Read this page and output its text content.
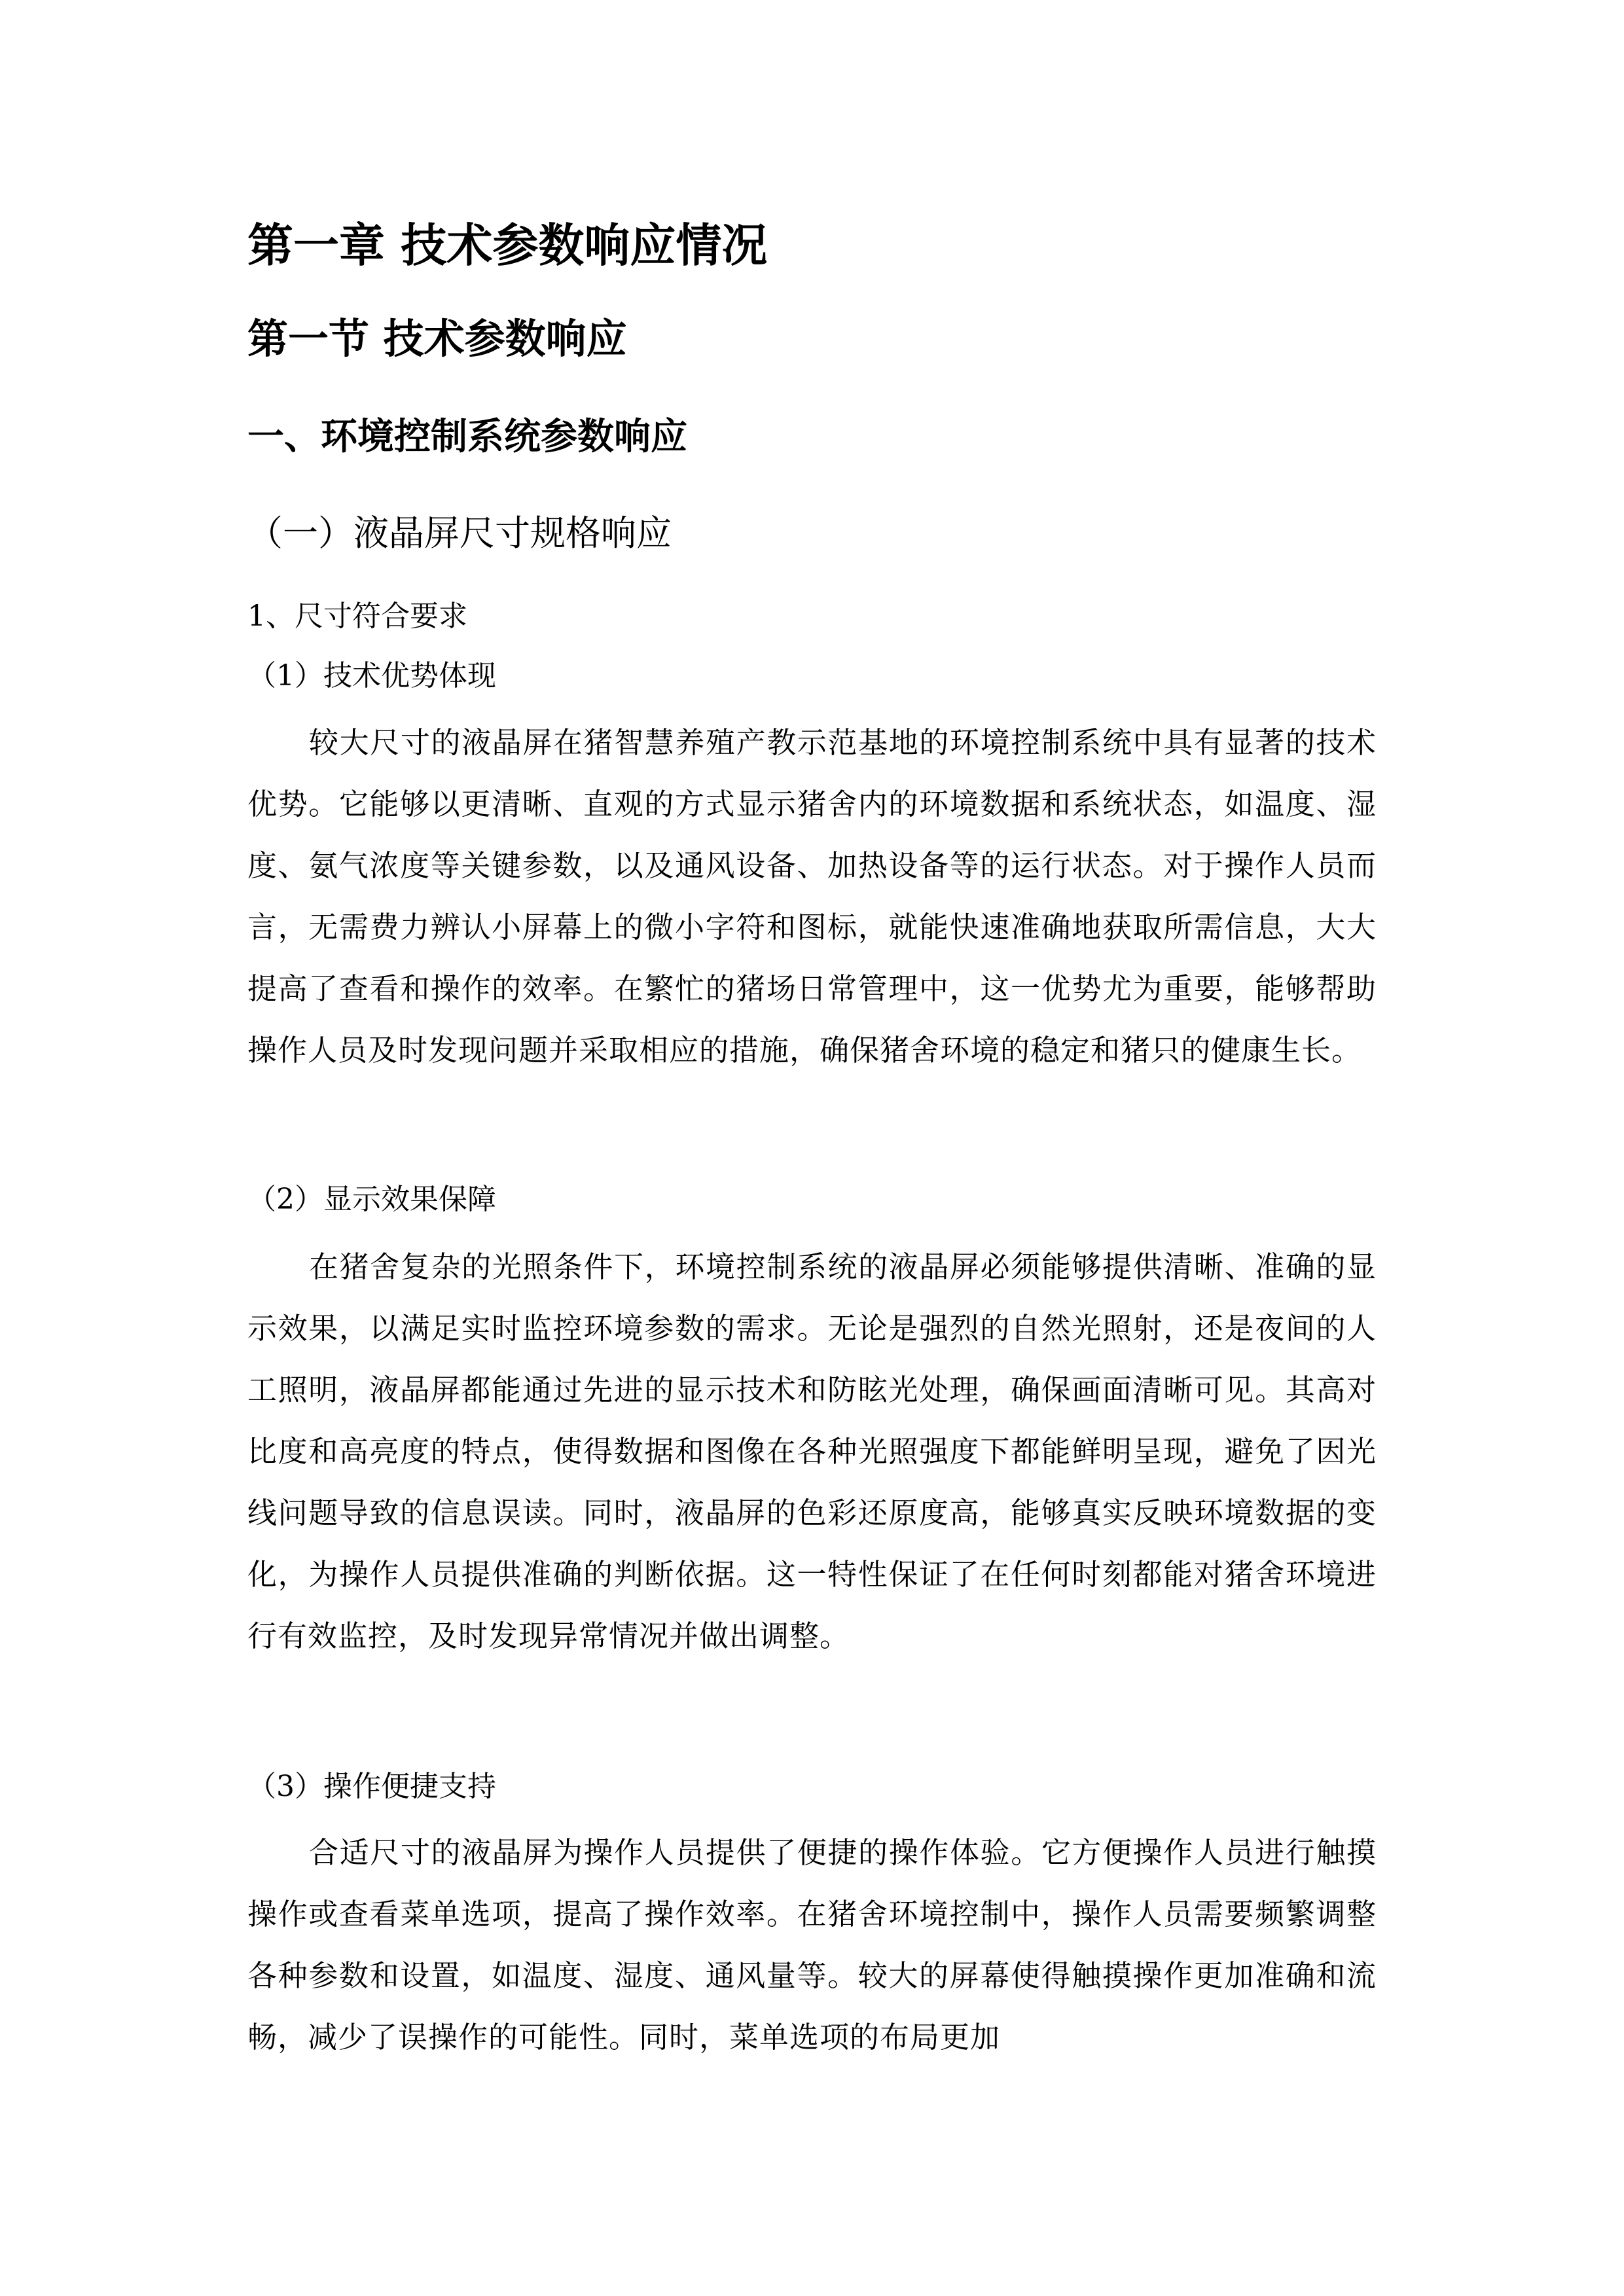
第一章 技术参数响应情况
第一节 技术参数响应
一、环境控制系统参数响应
（一）液晶屏尺寸规格响应

1、尺寸符合要求

（1）技术优势体现

较大尺寸的液晶屏在猪智慧养殖产教示范基地的环境控制系统中具有显著的技术优势。它能够以更清晰、直观的方式显示猪舍内的环境数据和系统状态，如温度、湿度、氨气浓度等关键参数，以及通风设备、加热设备等的运行状态。对于操作人员而言，无需费力辨认小屏幕上的微小字符和图标，就能快速准确地获取所需信息，大大提高了查看和操作的效率。在繁忙的猪场日常管理中，这一优势尤为重要，能够帮助操作人员及时发现问题并采取相应的措施，确保猪舍环境的稳定和猪只的健康生长。

（2）显示效果保障

在猪舍复杂的光照条件下，环境控制系统的液晶屏必须能够提供清晰、准确的显示效果，以满足实时监控环境参数的需求。无论是强烈的自然光照射，还是夜间的人工照明，液晶屏都能通过先进的显示技术和防眩光处理，确保画面清晰可见。其高对比度和高亮度的特点，使得数据和图像在各种光照强度下都能鲜明呈现，避免了因光线问题导致的信息误读。同时，液晶屏的色彩还原度高，能够真实反映环境数据的变化，为操作人员提供准确的判断依据。这一特性保证了在任何时刻都能对猪舍环境进行有效监控，及时发现异常情况并做出调整。

（3）操作便捷支持

合适尺寸的液晶屏为操作人员提供了便捷的操作体验。它方便操作人员进行触摸操作或查看菜单选项，提高了操作效率。在猪舍环境控制中，操作人员需要频繁调整各种参数和设置，如温度、湿度、通风量等。较大的屏幕使得触摸操作更加准确和流畅，减少了误操作的可能性。同时，菜单选项的布局更加
